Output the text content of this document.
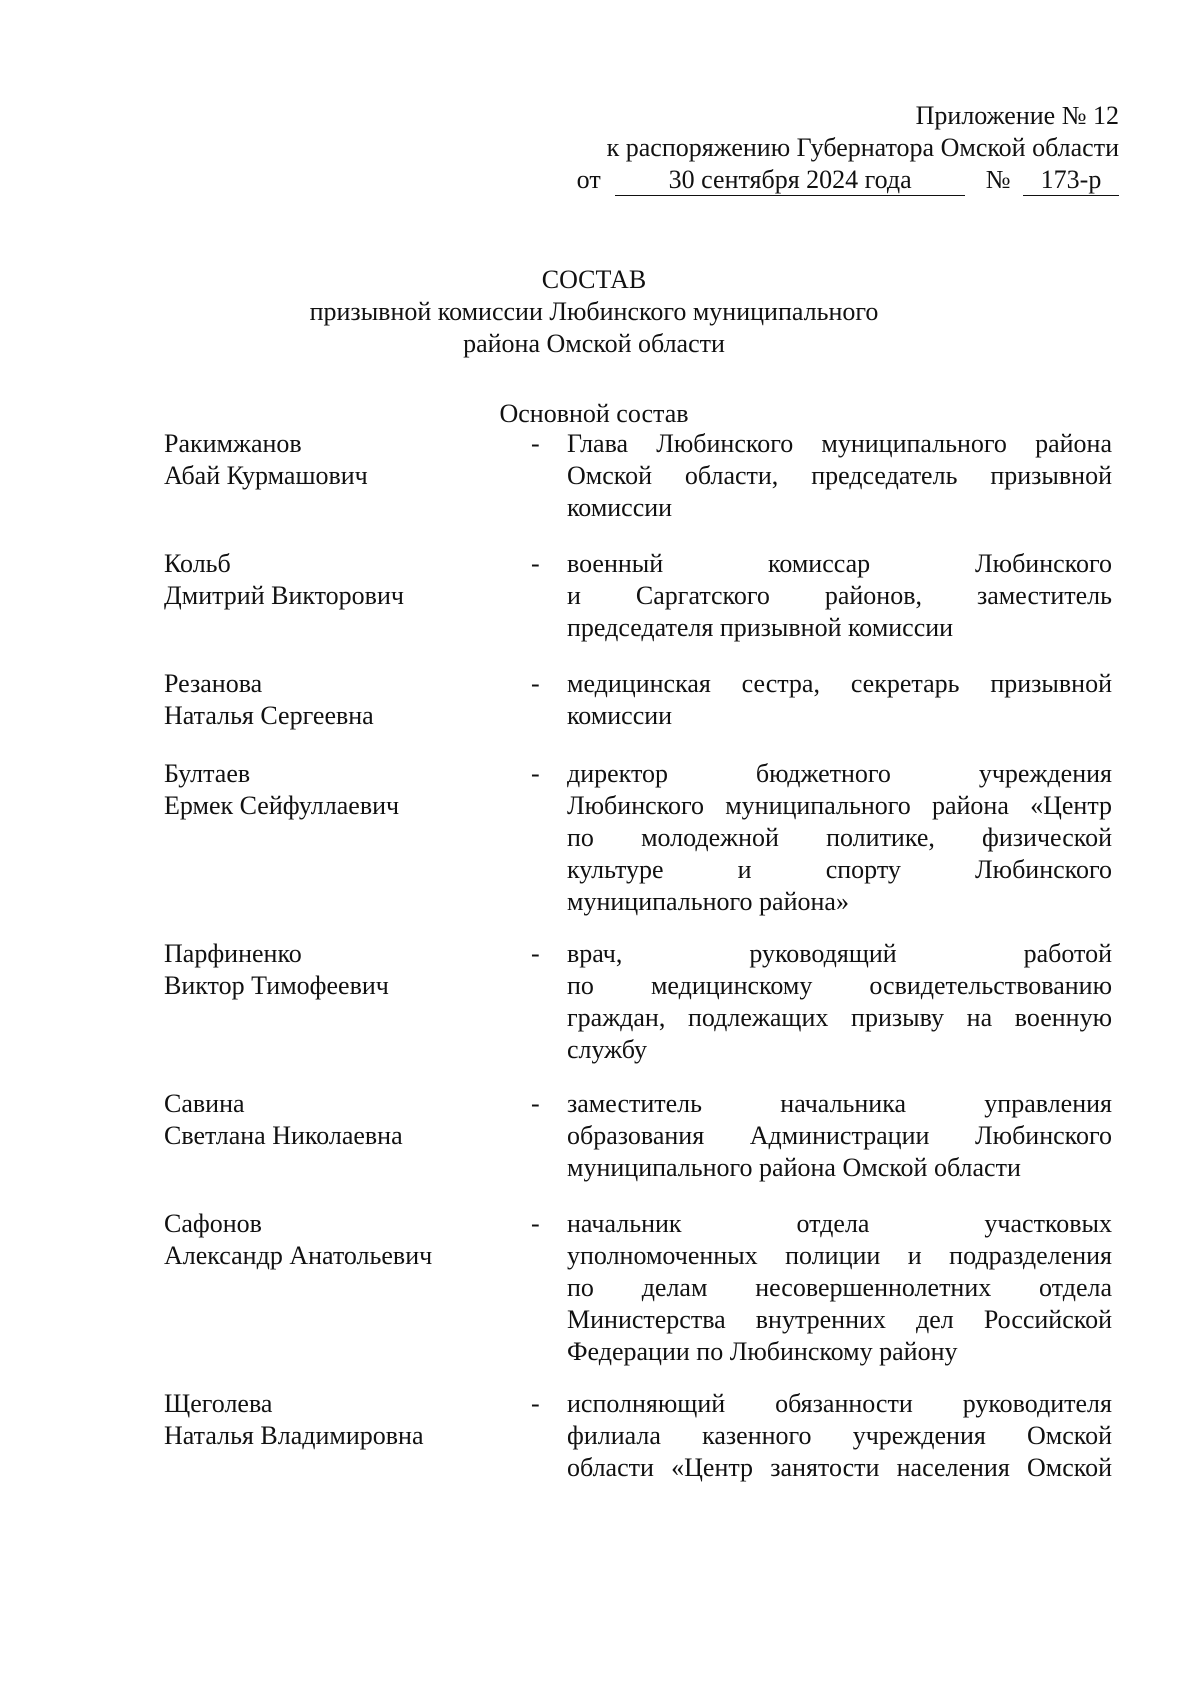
Приложение № 12
к распоряжению Губернатора Омской области
от	30 сентября 2024 года	№ 173-р
СОСТАВ
призывной комиссии Любинского муниципального
района Омской области
Основной состав
Ракимжанов
Абай Курмашович
- Глава Любинского муниципального района
Омской области, председатель призывной
комиссии
Кольб
Дмитрий Викторович
- военный комиссар Любинского
и Саргатского районов, заместитель
председателя призывной комиссии
Резанова
Наталья Сергеевна
- медицинская сестра, секретарь призывной
комиссии
Бултаев
Ермек Сейфуллаевич
- директор бюджетного учреждения
Любинского муниципального района «Центр
по молодежной политике, физической
культуре и спорту Любинского
муниципального района»
Парфиненко
Виктор Тимофеевич
- врач, руководящий работой
по медицинскому освидетельствованию
граждан, подлежащих призыву на военную
службу
Савина
Светлана Николаевна
- заместитель начальника управления
образования Администрации Любинского
муниципального района Омской области
Сафонов
Александр Анатольевич
- начальник отдела участковых
уполномоченных полиции и подразделения
по делам несовершеннолетних отдела
Министерства внутренних дел Российской
Федерации по Любинскому району
Щеголева
Наталья Владимировна
- исполняющий обязанности руководителя
филиала казенного учреждения Омской
области «Центр занятости населения Омской
